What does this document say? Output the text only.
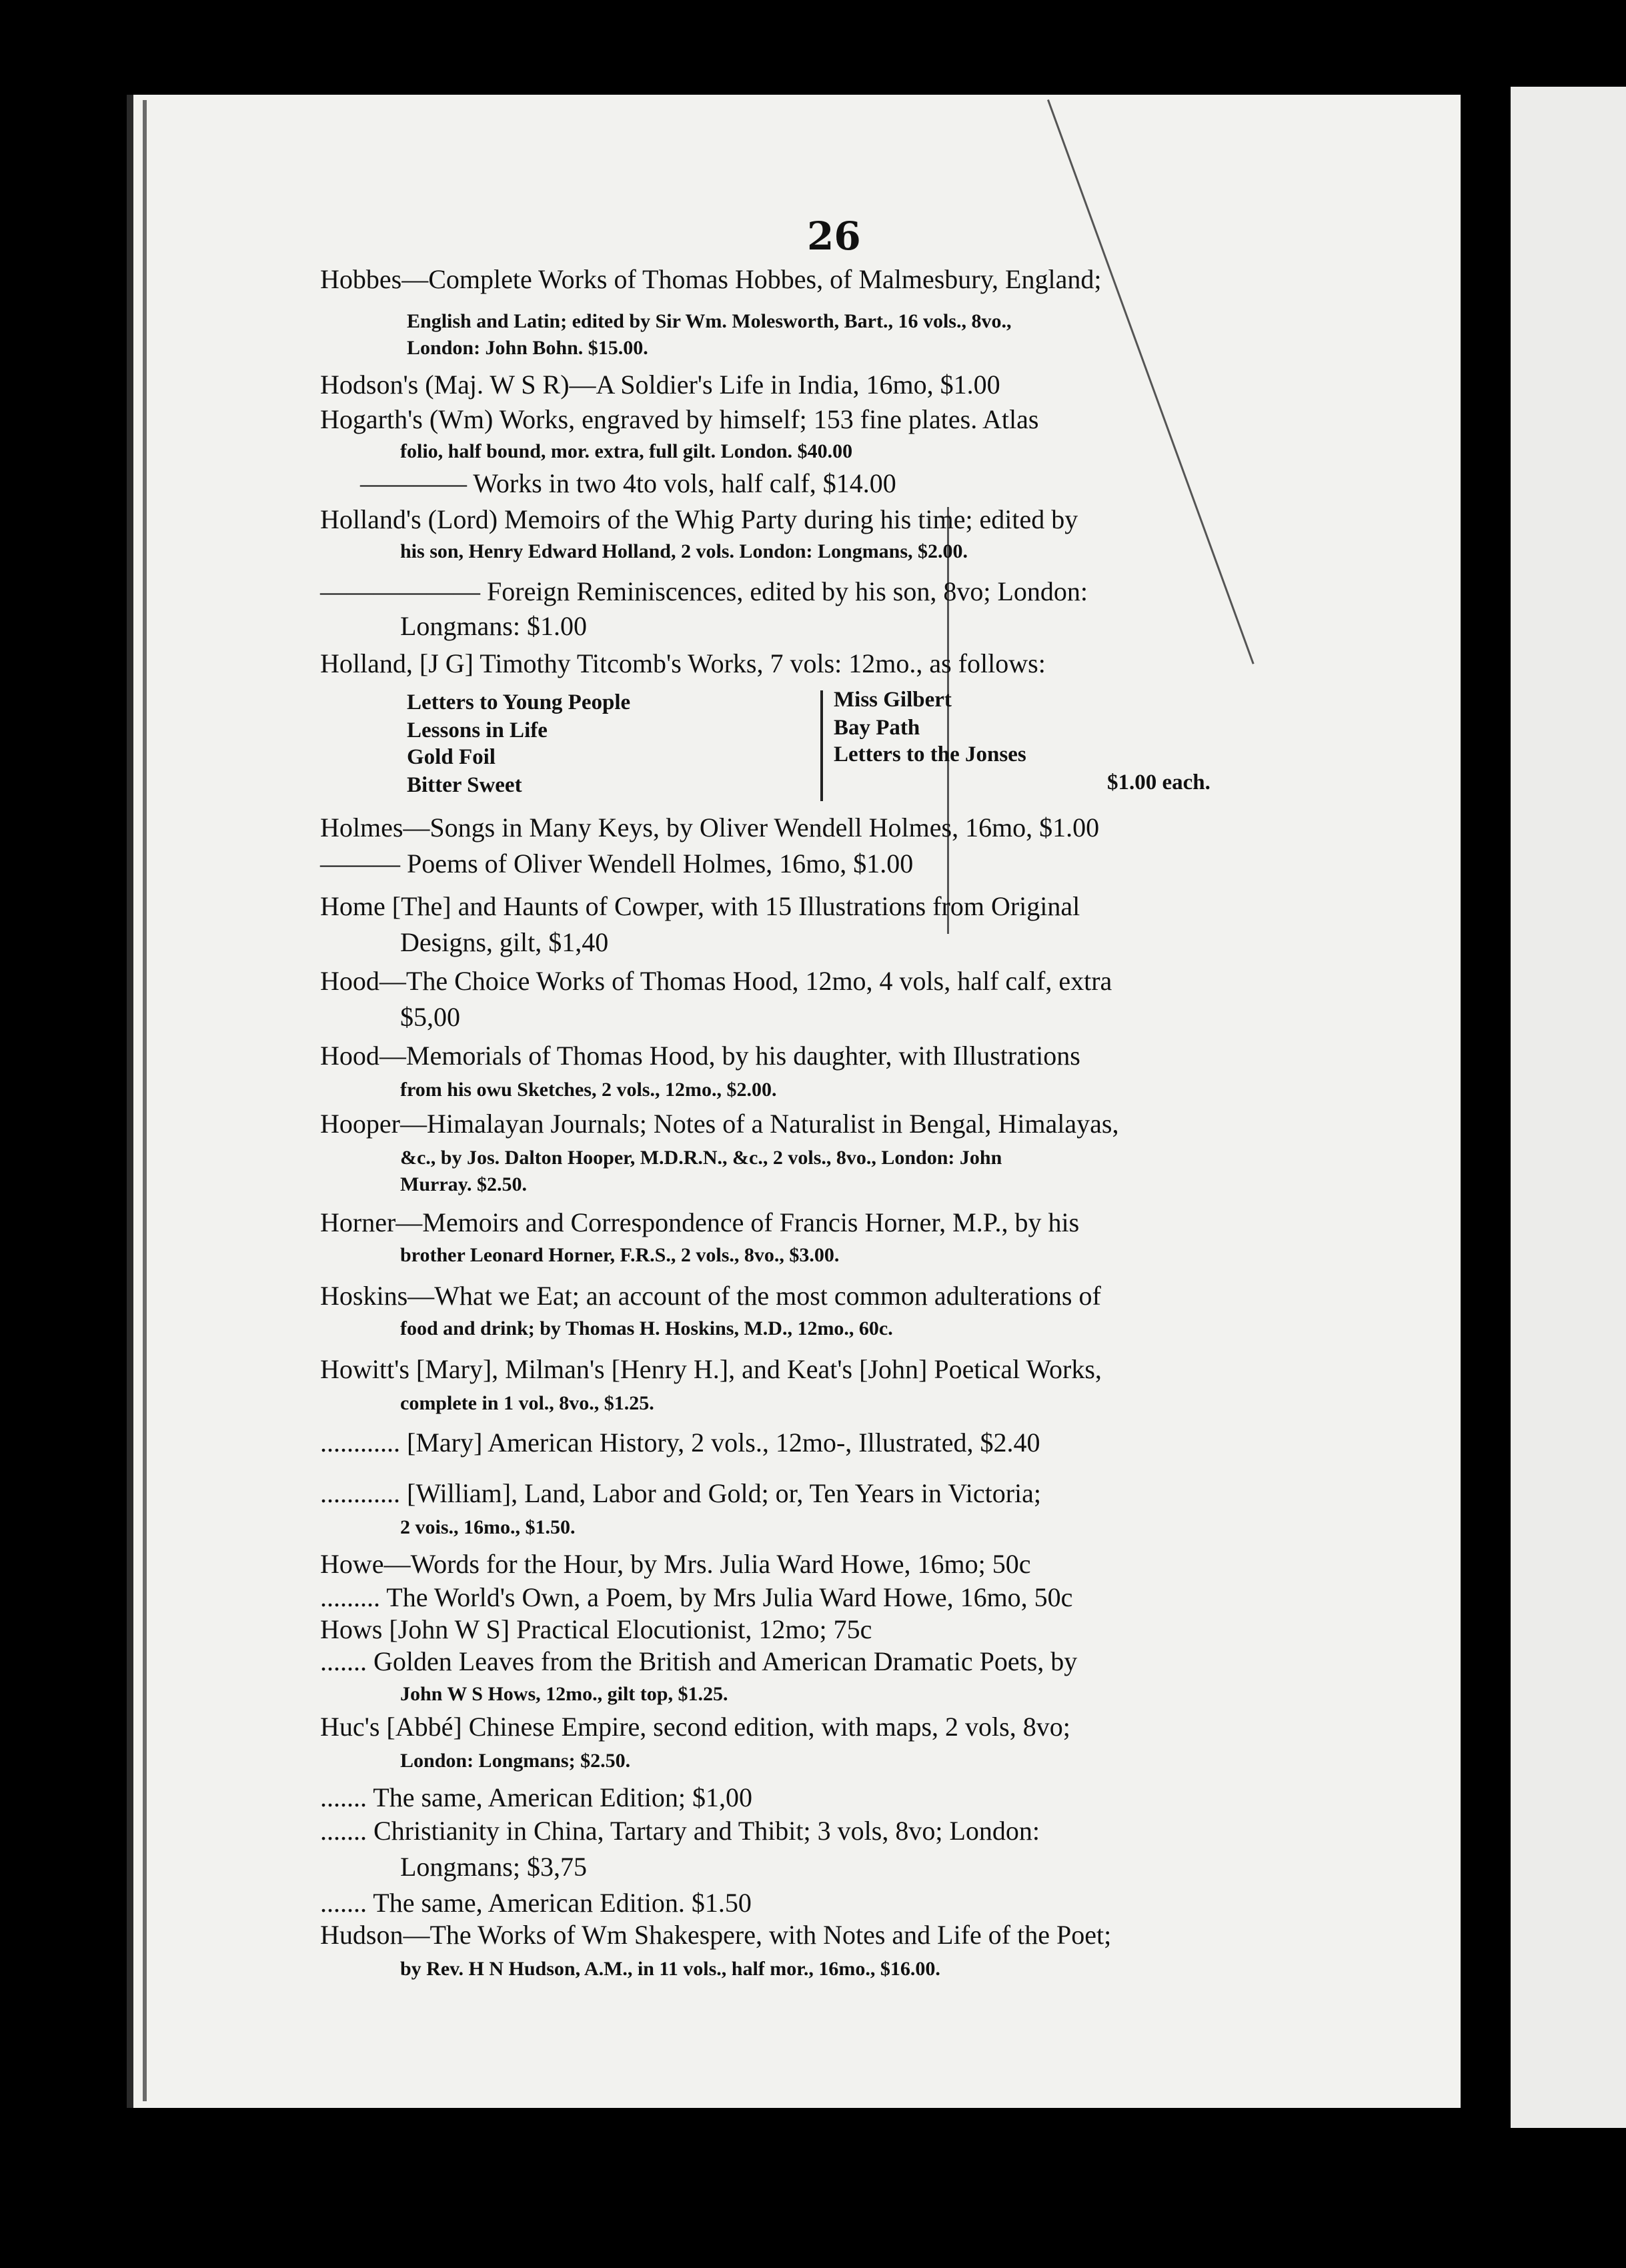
26
Hobbes—Complete Works of Thomas Hobbes, of Malmesbury, England;
English and Latin; edited by Sir Wm. Molesworth, Bart., 16 vols., 8vo.,
London: John Bohn. $15.00.
Hodson's (Maj. W S R)—A Soldier's Life in India, 16mo, $1.00
Hogarth's (Wm) Works, engraved by himself; 153 fine plates. Atlas
folio, half bound, mor. extra, full gilt. London. $40.00
———— Works in two 4to vols, half calf, $14.00
Holland's (Lord) Memoirs of the Whig Party during his time; edited by
his son, Henry Edward Holland, 2 vols. London: Longmans, $2.00.
—————— Foreign Reminiscences, edited by his son, 8vo; London:
Longmans: $1.00
Holland, [J G] Timothy Titcomb's Works, 7 vols: 12mo., as follows:
Letters to Young People
Lessons in Life
Gold Foil
Bitter Sweet
Miss Gilbert
Bay Path
Letters to the Jonses
$1.00 each.
Holmes—Songs in Many Keys, by Oliver Wendell Holmes, 16mo, $1.00
——— Poems of Oliver Wendell Holmes, 16mo, $1.00
Home [The] and Haunts of Cowper, with 15 Illustrations from Original
Designs, gilt, $1,40
Hood—The Choice Works of Thomas Hood, 12mo, 4 vols, half calf, extra
$5,00
Hood—Memorials of Thomas Hood, by his daughter, with Illustrations
from his owu Sketches, 2 vols., 12mo., $2.00.
Hooper—Himalayan Journals; Notes of a Naturalist in Bengal, Himalayas,
&c., by Jos. Dalton Hooper, M.D.R.N., &c., 2 vols., 8vo., London: John
Murray. $2.50.
Horner—Memoirs and Correspondence of Francis Horner, M.P., by his
brother Leonard Horner, F.R.S., 2 vols., 8vo., $3.00.
Hoskins—What we Eat; an account of the most common adulterations of
food and drink; by Thomas H. Hoskins, M.D., 12mo., 60c.
Howitt's [Mary], Milman's [Henry H.], and Keat's [John] Poetical Works,
complete in 1 vol., 8vo., $1.25.
............ [Mary] American History, 2 vols., 12mo-, Illustrated, $2.40
............ [William], Land, Labor and Gold; or, Ten Years in Victoria;
2 vois., 16mo., $1.50.
Howe—Words for the Hour, by Mrs. Julia Ward Howe, 16mo; 50c
......... The World's Own, a Poem, by Mrs Julia Ward Howe, 16mo, 50c
Hows [John W S] Practical Elocutionist, 12mo; 75c
....... Golden Leaves from the British and American Dramatic Poets, by
John W S Hows, 12mo., gilt top, $1.25.
Huc's [Abbé] Chinese Empire, second edition, with maps, 2 vols, 8vo;
London: Longmans; $2.50.
....... The same, American Edition; $1,00
....... Christianity in China, Tartary and Thibit; 3 vols, 8vo; London:
Longmans; $3,75
....... The same, American Edition. $1.50
Hudson—The Works of Wm Shakespere, with Notes and Life of the Poet;
by Rev. H N Hudson, A.M., in 11 vols., half mor., 16mo., $16.00.
